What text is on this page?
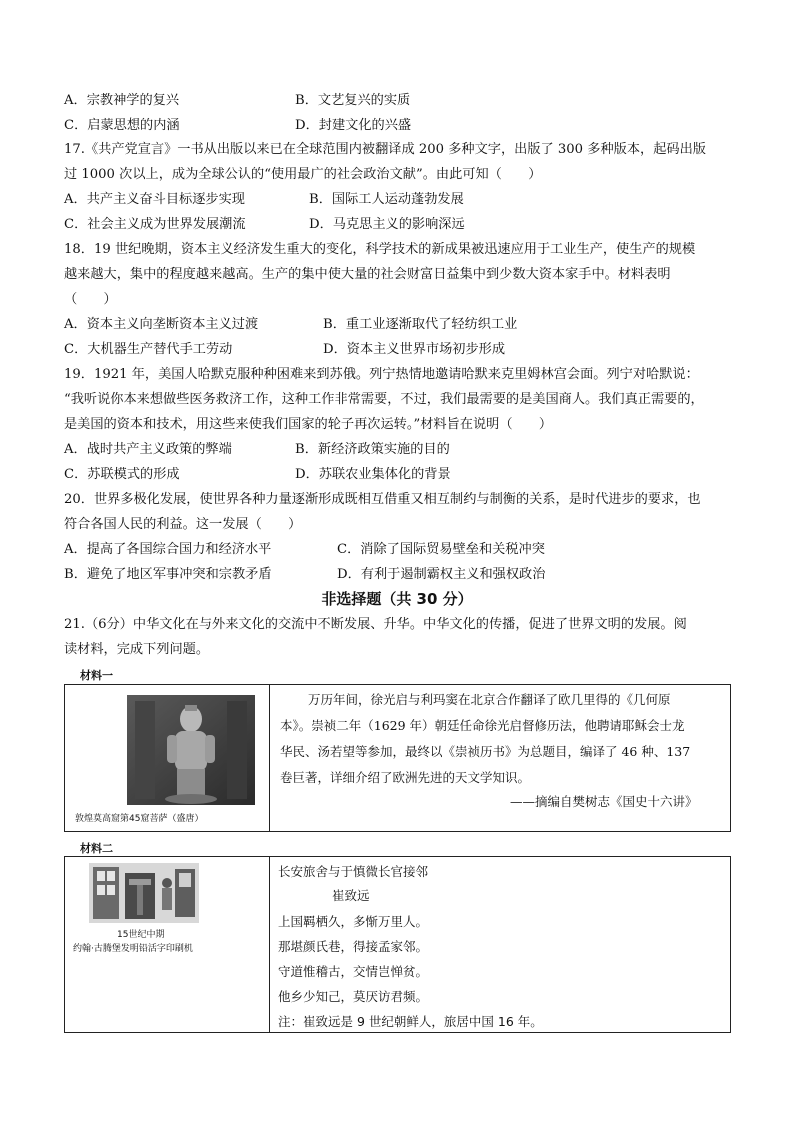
A．宗教神学的复兴	B．文艺复兴的实质
C．启蒙思想的内涵	D．封建文化的兴盛
17.《共产党宣言》一书从出版以来已在全球范围内被翻译成 200 多种文字，出版了 300 多种版本，起码出版
过 1000 次以上，成为全球公认的“使用最广的社会政治文献”。由此可知（　　）
A．共产主义奋斗目标逐步实现	B．国际工人运动蓬勃发展
C．社会主义成为世界发展潮流	D．马克思主义的影响深远
18．19 世纪晚期，资本主义经济发生重大的变化，科学技术的新成果被迅速应用于工业生产，使生产的规模
越来越大，集中的程度越来越高。生产的集中使大量的社会财富日益集中到少数大资本家手中。材料表明
（　　）
A．资本主义向垄断资本主义过渡	B．重工业逐渐取代了轻纺织工业
C．大机器生产替代手工劳动	D．资本主义世界市场初步形成
19．1921 年，美国人哈默克服种种困难来到苏俄。列宁热情地邀请哈默来克里姆林宫会面。列宁对哈默说：
“我听说你本来想做些医务救济工作，这种工作非常需要，不过，我们最需要的是美国商人。我们真正需要的，
是美国的资本和技术，用这些来使我们国家的轮子再次运转。”材料旨在说明（　　）
A．战时共产主义政策的弊端	B．新经济政策实施的目的
C．苏联模式的形成	D．苏联农业集体化的背景
20．世界多极化发展，使世界各种力量逐渐形成既相互借重又相互制约与制衡的关系，是时代进步的要求，也
符合各国人民的利益。这一发展（　　）
A．提高了各国综合国力和经济水平	C．消除了国际贸易壁垒和关税冲突
B．避免了地区军事冲突和宗教矛盾	D．有利于遏制霸权主义和强权政治
非选择题（共 30 分）
21.（6分）中华文化在与外来文化的交流中不断发展、升华。中华文化的传播，促进了世界文明的发展。阅
读材料，完成下列问题。
材料一
敦煌莫高窟第45窟菩萨（盛唐）

万历年间，徐光启与利玛窦在北京合作翻译了欧几里得的《几何原
本》。崇祯二年（1629 年）朝廷任命徐光启督修历法，他聘请耶稣会士龙
华民、汤若望等参加，最终以《崇祯历书》为总题目，编译了 46 种、137
卷巨著，详细介绍了欧洲先进的天文学知识。
——摘编自樊树志《国史十六讲》
材料二
15世纪中期
约翰·古腾堡发明铅活字印刷机

长安旅舍与于慎微长官接邻
崔致远
上国羁栖久，多惭万里人。
那堪颜氏巷，得接孟家邻。
守道惟稽古，交情岂惮贫。
他乡少知己，莫厌访君频。
注：崔致远是 9 世纪朝鲜人，旅居中国 16 年。
